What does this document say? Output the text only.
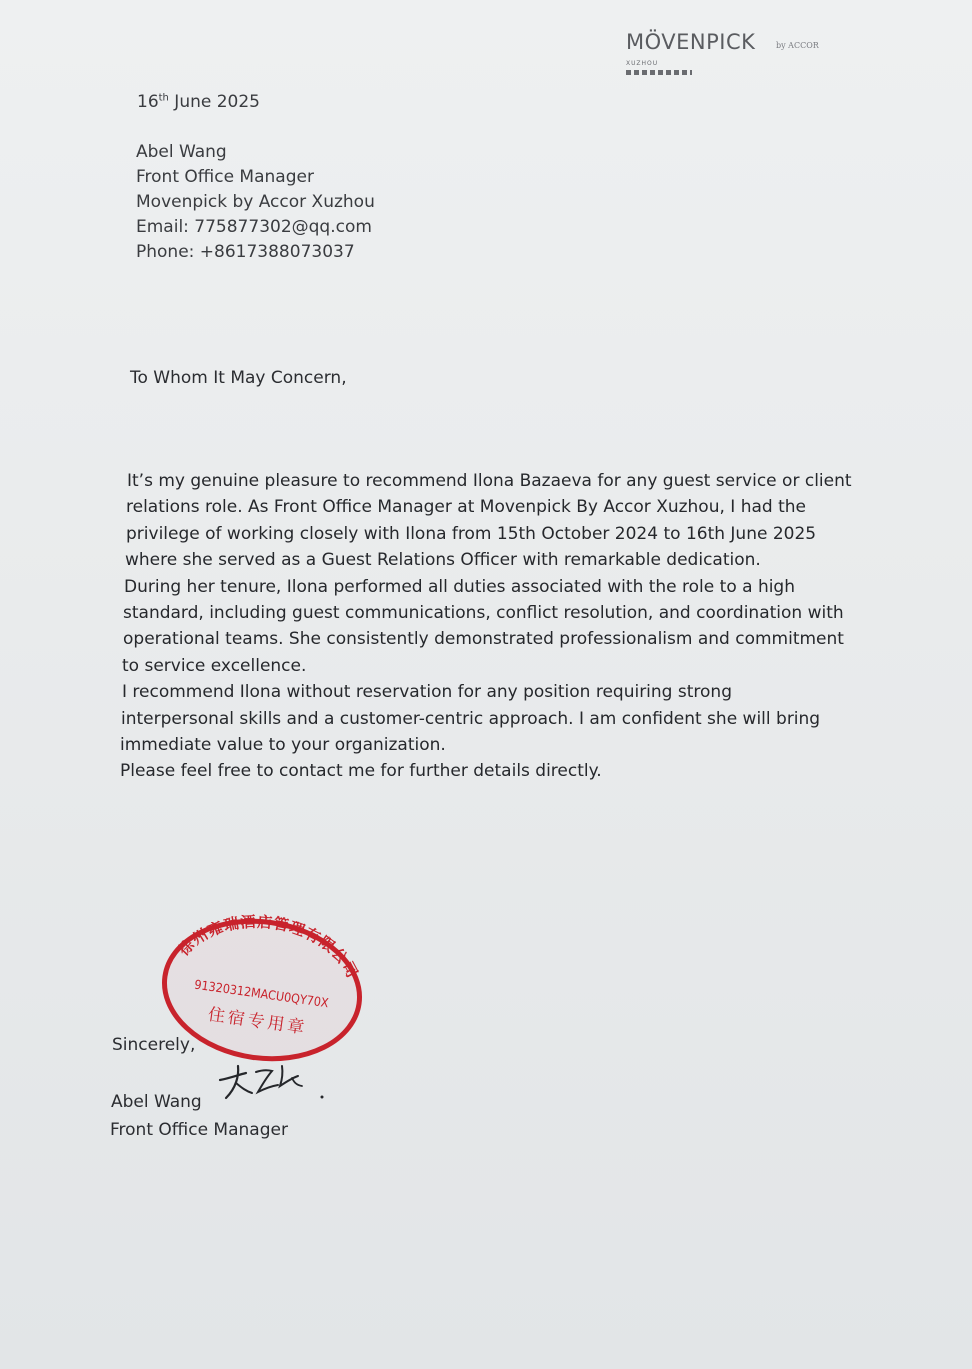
MÖVENPICK	by ACCOR
XUZHOU
16th June 2025
Abel Wang
Front Office Manager
Movenpick by Accor Xuzhou
Email: 775877302@qq.com
Phone: +8617388073037
To Whom It May Concern,
It’s my genuine pleasure to recommend Ilona Bazaeva for any guest service or client
relations role. As Front Office Manager at Movenpick By Accor Xuzhou, I had the
privilege of working closely with Ilona from 15th October 2024 to 16th June 2025
where she served as a Guest Relations Officer with remarkable dedication.
During her tenure, Ilona performed all duties associated with the role to a high
standard, including guest communications, conflict resolution, and coordination with
operational teams. She consistently demonstrated professionalism and commitment
to service excellence.
I recommend Ilona without reservation for any position requiring strong
interpersonal skills and a customer-centric approach. I am confident she will bring
immediate value to your organization.
Please feel free to contact me for further details directly.
Sincerely,
徐州雍瑞酒店管理有限公司
91320312MACU0QY70X
住宿专用章
Abel Wang
Front Office Manager
